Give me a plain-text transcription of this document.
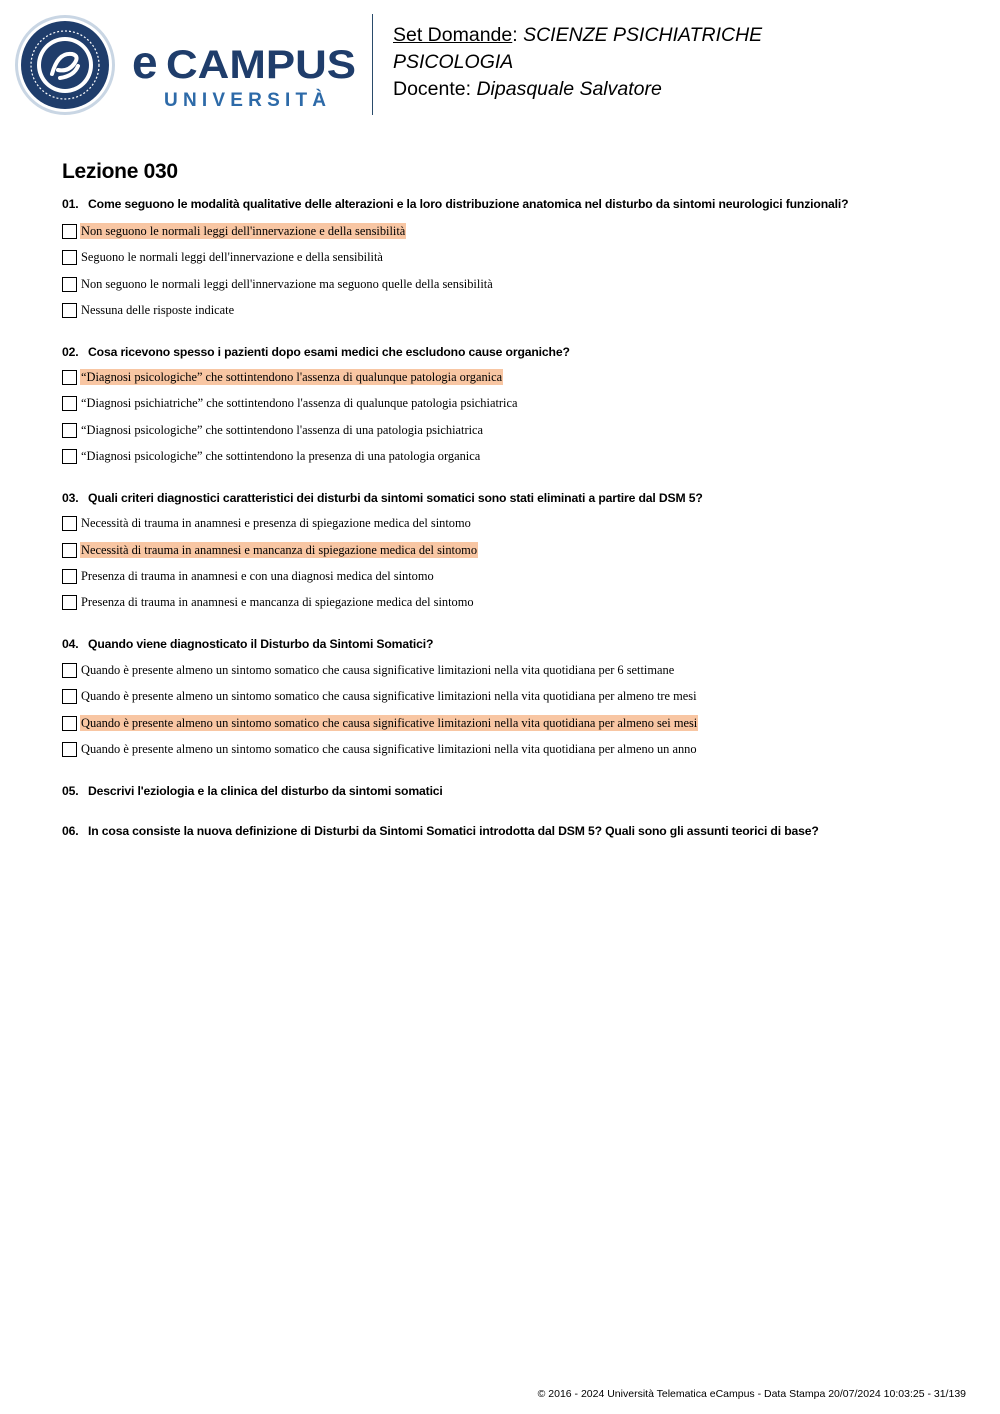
e CAMPUS
UNIVERSITÀ
Set Domande: SCIENZE PSICHIATRICHE
PSICOLOGIA
Docente: Dipasquale Salvatore
Lezione 030
01. Come seguono le modalità qualitative delle alterazioni e la loro distribuzione anatomica nel disturbo da sintomi neurologici funzionali?
Non seguono le normali leggi dell'innervazione e della sensibilità
Seguono le normali leggi dell'innervazione e della sensibilità
Non seguono le normali leggi dell'innervazione ma seguono quelle della sensibilità
Nessuna delle risposte indicate
02. Cosa ricevono spesso i pazienti dopo esami medici che escludono cause organiche?
“Diagnosi psicologiche” che sottintendono l'assenza di qualunque patologia organica
“Diagnosi psichiatriche” che sottintendono l'assenza di qualunque patologia psichiatrica
“Diagnosi psicologiche” che sottintendono l'assenza di una patologia psichiatrica
“Diagnosi psicologiche” che sottintendono la presenza di una patologia organica
03. Quali criteri diagnostici caratteristici dei disturbi da sintomi somatici sono stati eliminati a partire dal DSM 5?
Necessità di trauma in anamnesi e presenza di spiegazione medica del sintomo
Necessità di trauma in anamnesi e mancanza di spiegazione medica del sintomo
Presenza di trauma in anamnesi e con una diagnosi medica del sintomo
Presenza di trauma in anamnesi e mancanza di spiegazione medica del sintomo
04. Quando viene diagnosticato il Disturbo da Sintomi Somatici?
Quando è presente almeno un sintomo somatico che causa significative limitazioni nella vita quotidiana per 6 settimane
Quando è presente almeno un sintomo somatico che causa significative limitazioni nella vita quotidiana per almeno tre mesi
Quando è presente almeno un sintomo somatico che causa significative limitazioni nella vita quotidiana per almeno sei mesi
Quando è presente almeno un sintomo somatico che causa significative limitazioni nella vita quotidiana per almeno un anno
05. Descrivi l'eziologia e la clinica del disturbo da sintomi somatici
06. In cosa consiste la nuova definizione di Disturbi da Sintomi Somatici introdotta dal DSM 5? Quali sono gli assunti teorici di base?
© 2016 - 2024 Università Telematica eCampus - Data Stampa 20/07/2024 10:03:25 - 31/139
